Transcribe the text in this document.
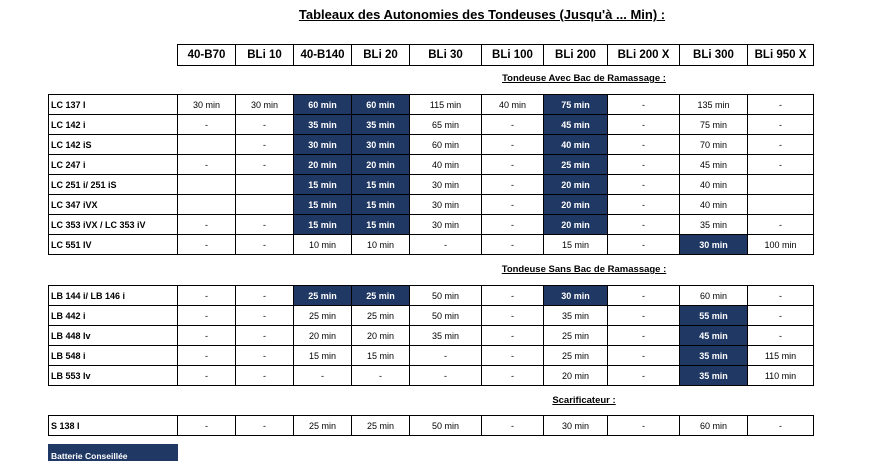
Tableaux des Autonomies des Tondeuses (Jusqu'à ... Min) :
40-B70	BLi 10	40-B140	BLi 20	BLi 30	BLi 100	BLi 200	BLi 200 X	BLi 300	BLi 950 X
Tondeuse Avec Bac de Ramassage :
LC 137 I	30 min	30 min	60 min	60 min	115 min	40 min	75 min	-	135 min	-
LC 142 i	-	-	35 min	35 min	65 min	-	45 min	-	75 min	-
LC 142 iS		-	30 min	30 min	60 min	-	40 min	-	70 min	-
LC 247 i	-	-	20 min	20 min	40 min	-	25 min	-	45 min	-
LC 251 i/ 251 iS			15 min	15 min	30 min	-	20 min	-	40 min	
LC 347 iVX			15 min	15 min	30 min	-	20 min	-	40 min	
LC 353 iVX / LC 353 iV	-	-	15 min	15 min	30 min	-	20 min	-	35 min	-
LC 551 IV	-	-	10 min	10 min	-	-	15 min	-	30 min	100 min
Tondeuse Sans Bac de Ramassage :
LB 144 i/ LB 146 i	-	-	25 min	25 min	50 min	-	30 min	-	60 min	-
LB 442 i	-	-	25 min	25 min	50 min	-	35 min	-	55 min	-
LB 448 Iv	-	-	20 min	20 min	35 min	-	25 min	-	45 min	-
LB 548 i	-	-	15 min	15 min	-	-	25 min	-	35 min	115 min
LB 553 Iv	-	-	-	-	-	-	20 min	-	35 min	110 min
Scarificateur :
S 138 I	-	-	25 min	25 min	50 min	-	30 min	-	60 min	-
Batterie Conseillée
